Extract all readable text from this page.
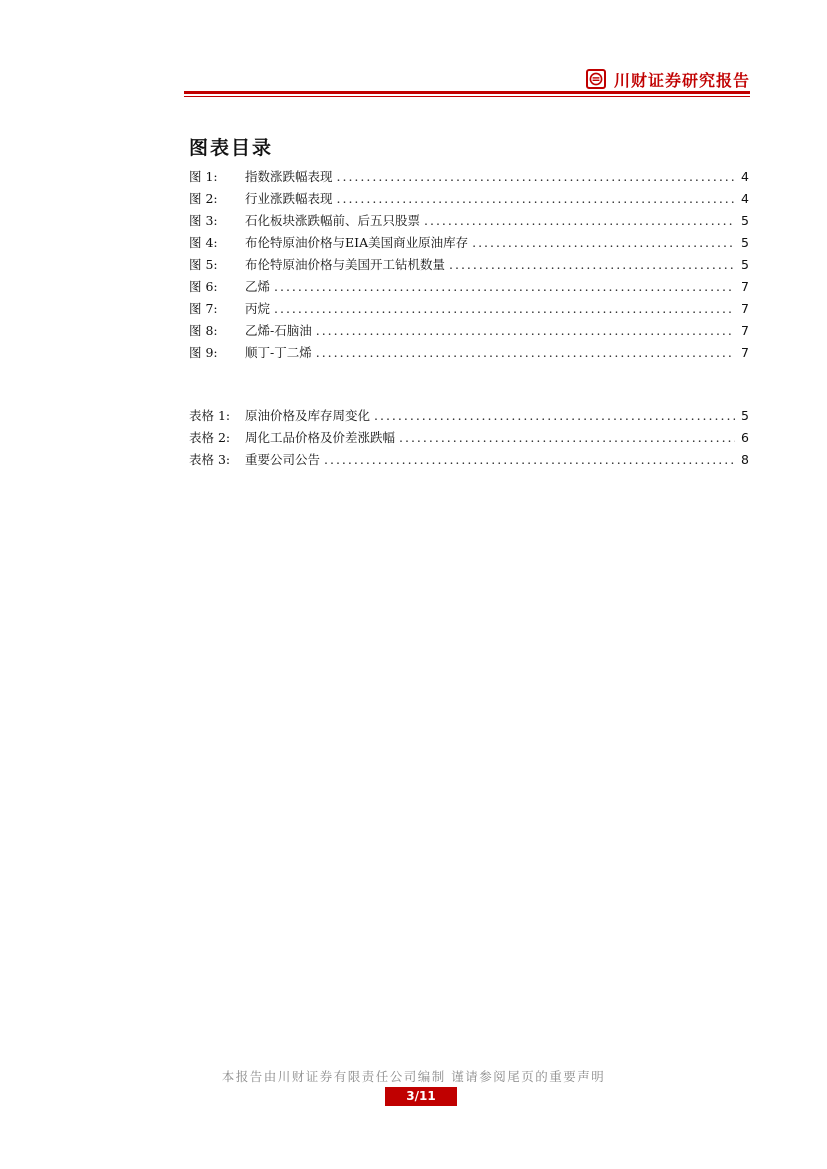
川财证券研究报告
图表目录
图 1:	指数涨跌幅表现 .....	4
图 2:	行业涨跌幅表现 .....	4
图 3:	石化板块涨跌幅前、后五只股票 .....	5
图 4:	布伦特原油价格与EIA美国商业原油库存 .....	5
图 5:	布伦特原油价格与美国开工钻机数量 .....	5
图 6:	乙烯 .....	7
图 7:	丙烷 .....	7
图 8:	乙烯-石脑油 .....	7
图 9:	顺丁-丁二烯 .....	7
表格 1:	原油价格及库存周变化 .....	5
表格 2:	周化工品价格及价差涨跌幅 .....	6
表格 3:	重要公司公告 .....	8
本报告由川财证券有限责任公司编制 谨请参阅尾页的重要声明
3/11
